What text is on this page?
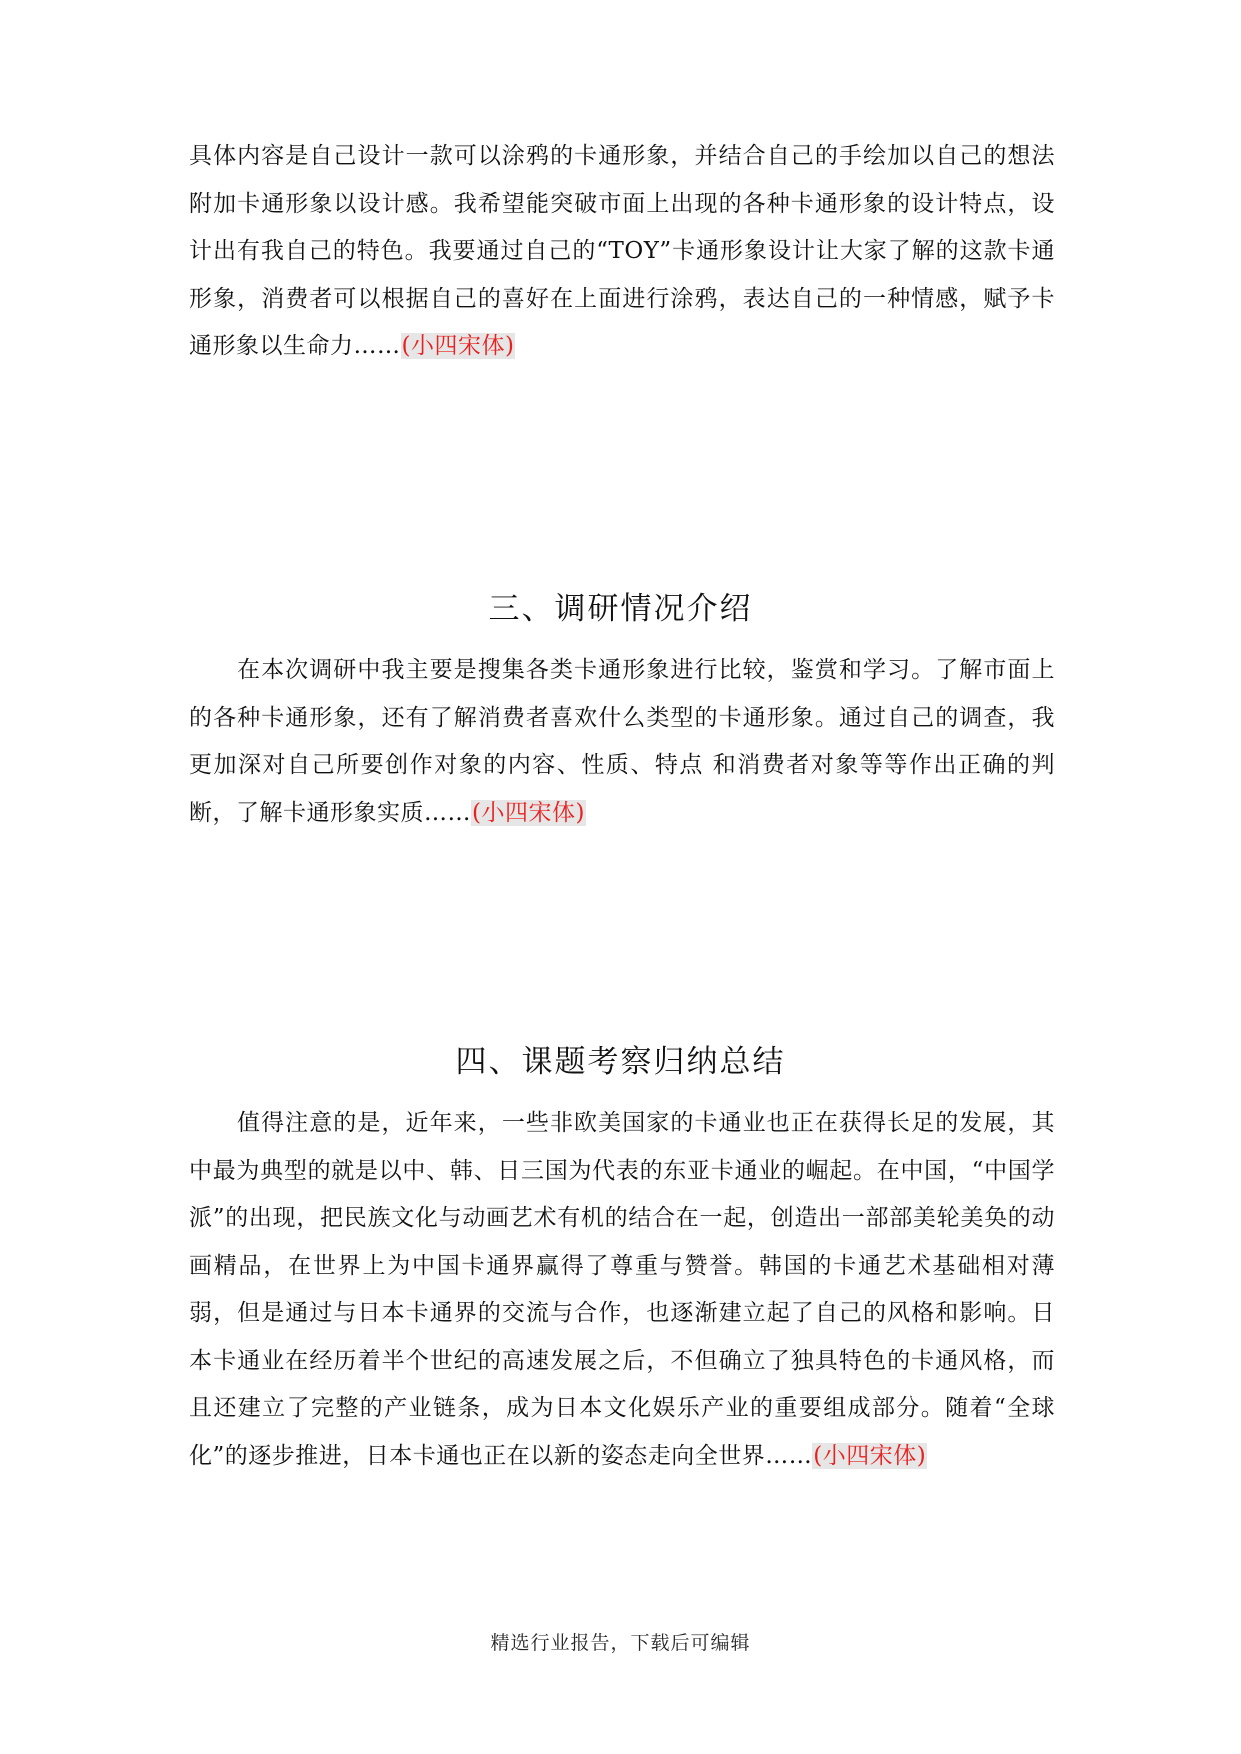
具体内容是自己设计一款可以涂鸦的卡通形象，并结合自己的手绘加以自己的想法附加卡通形象以设计感。我希望能突破市面上出现的各种卡通形象的设计特点，设计出有我自己的特色。我要通过自己的“TOY”卡通形象设计让大家了解的这款卡通形象，消费者可以根据自己的喜好在上面进行涂鸦，表达自己的一种情感，赋予卡通形象以生命力……(小四宋体)

三、调研情况介绍

在本次调研中我主要是搜集各类卡通形象进行比较，鉴赏和学习。了解市面上的各种卡通形象，还有了解消费者喜欢什么类型的卡通形象。通过自己的调查，我更加深对自己所要创作对象的内容、性质、特点 和消费者对象等等作出正确的判断，了解卡通形象实质……(小四宋体)

四、课题考察归纳总结

值得注意的是，近年来，一些非欧美国家的卡通业也正在获得长足的发展，其中最为典型的就是以中、韩、日三国为代表的东亚卡通业的崛起。在中国，“中国学派”的出现，把民族文化与动画艺术有机的结合在一起，创造出一部部美轮美奂的动画精品，在世界上为中国卡通界赢得了尊重与赞誉。韩国的卡通艺术基础相对薄弱，但是通过与日本卡通界的交流与合作，也逐渐建立起了自己的风格和影响。日本卡通业在经历着半个世纪的高速发展之后，不但确立了独具特色的卡通风格，而且还建立了完整的产业链条，成为日本文化娱乐产业的重要组成部分。随着“全球化”的逐步推进，日本卡通也正在以新的姿态走向全世界……(小四宋体)

精选行业报告，下载后可编辑
